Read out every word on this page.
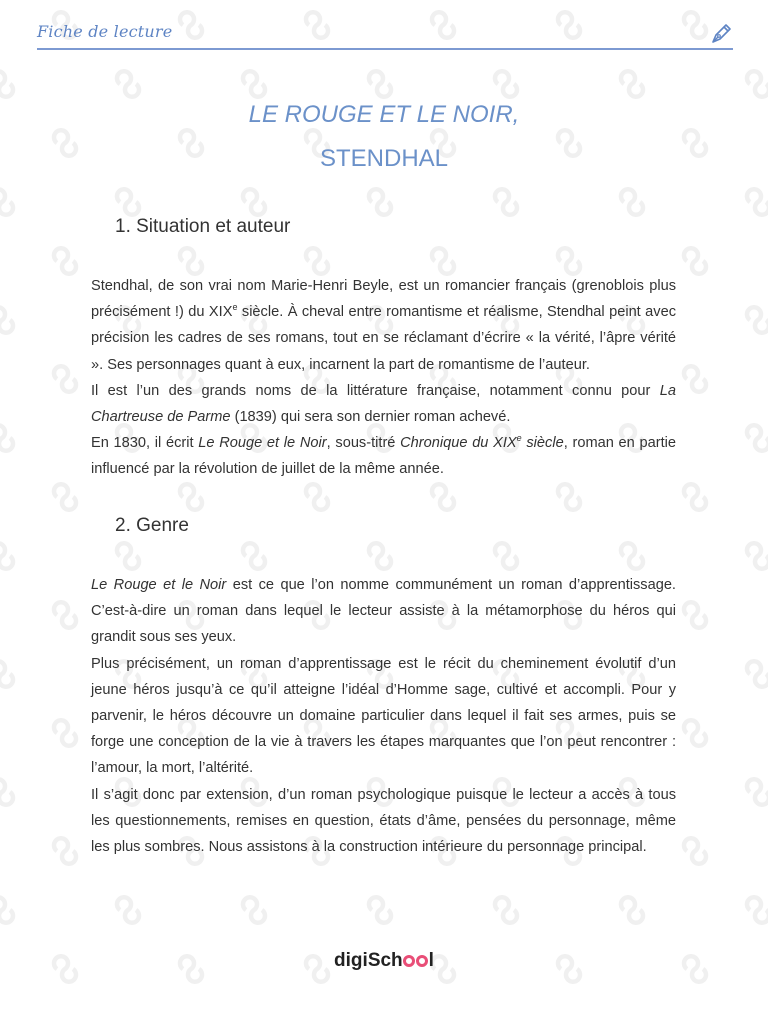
Fiche de lecture
LE ROUGE ET LE NOIR,
STENDHAL
1. Situation et auteur

Stendhal, de son vrai nom Marie-Henri Beyle, est un romancier français (grenoblois plus précisément !) du XIXe siècle. À cheval entre romantisme et réalisme, Stendhal peint avec précision les cadres de ses romans, tout en se réclamant d’écrire « la vérité, l’âpre vérité ». Ses personnages quant à eux, incarnent la part de romantisme de l’auteur.

Il est l’un des grands noms de la littérature française, notamment connu pour La Chartreuse de Parme (1839) qui sera son dernier roman achevé.

En 1830, il écrit Le Rouge et le Noir, sous-titré Chronique du XIXe siècle, roman en partie influencé par la révolution de juillet de la même année.

2. Genre

Le Rouge et le Noir est ce que l’on nomme communément un roman d’apprentissage. C’est-à-dire un roman dans lequel le lecteur assiste à la métamorphose du héros qui grandit sous ses yeux.

Plus précisément, un roman d’apprentissage est le récit du cheminement évolutif d’un jeune héros jusqu’à ce qu’il atteigne l’idéal d’Homme sage, cultivé et accompli. Pour y parvenir, le héros découvre un domaine particulier dans lequel il fait ses armes, puis se forge une conception de la vie à travers les étapes marquantes que l’on peut rencontrer : l’amour, la mort, l’altérité.

Il s’agit donc par extension, d’un roman psychologique puisque le lecteur a accès à tous les questionnements, remises en question, états d’âme, pensées du personnage, même les plus sombres. Nous assistons à la construction intérieure du personnage principal.

digiSch l
